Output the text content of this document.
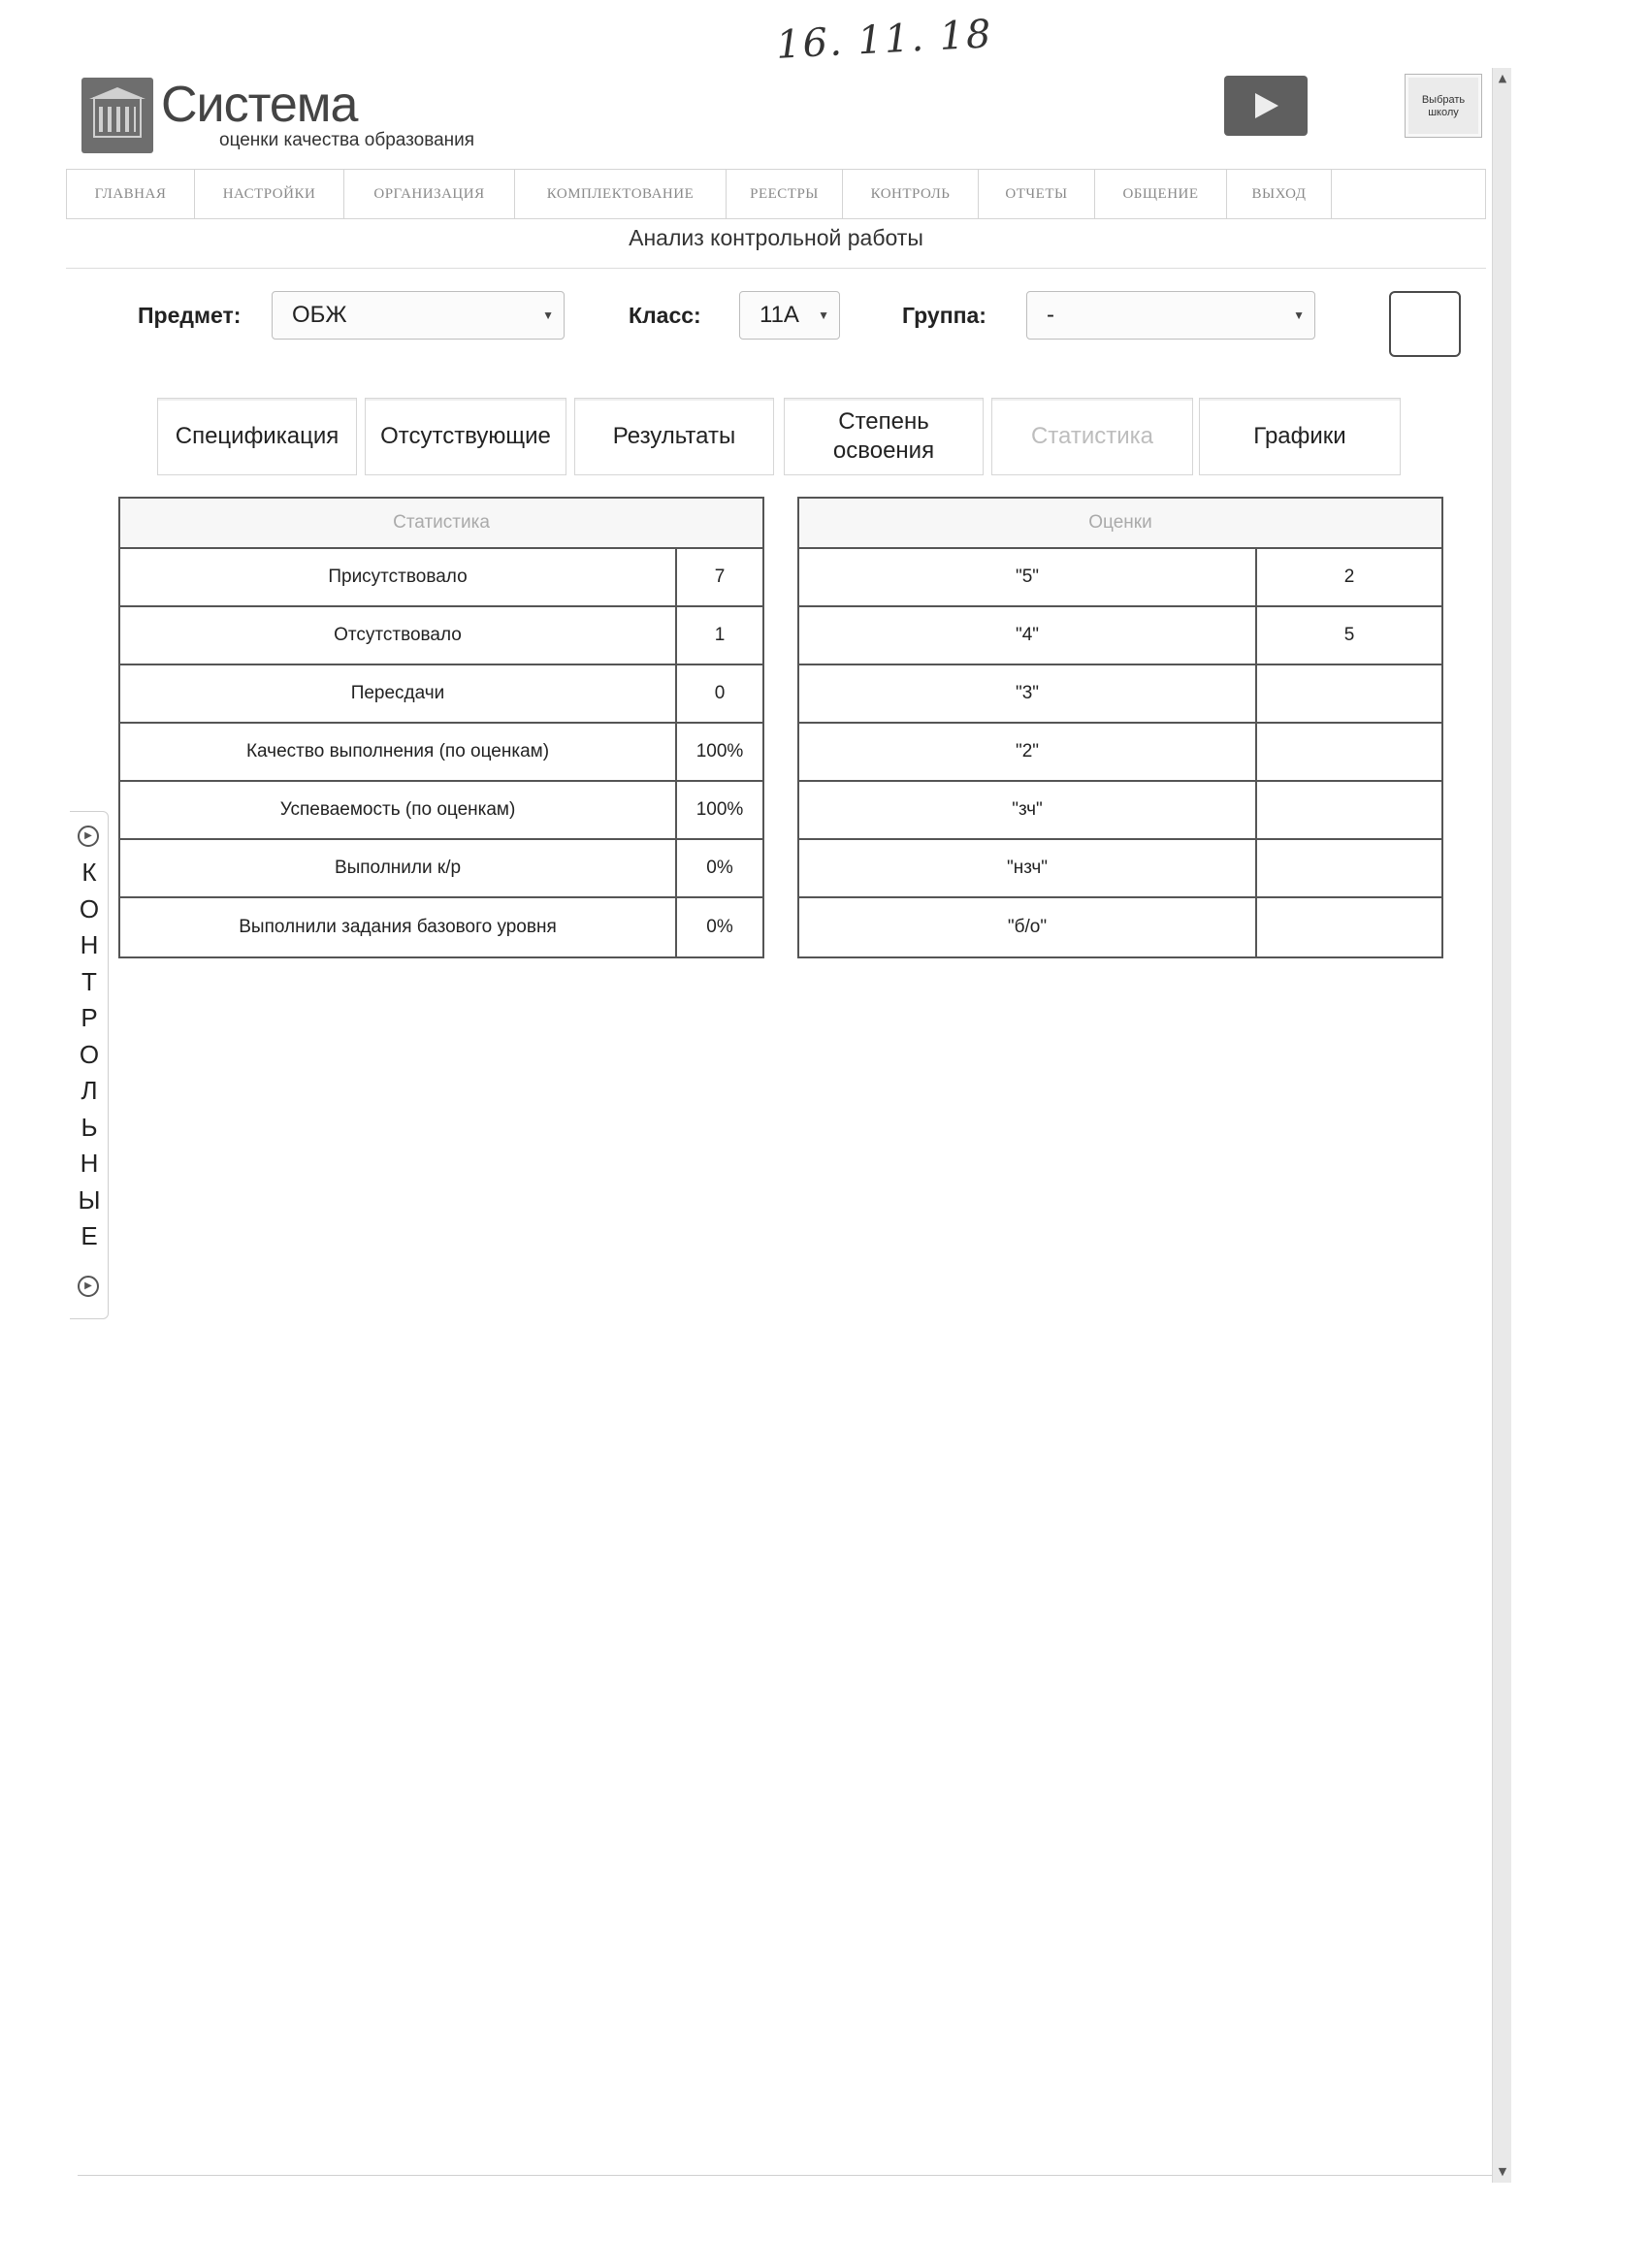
16. 11. 18
▲
▼
Система
оценки качества образования
Выбрать школу
ГЛАВНАЯ	НАСТРОЙКИ	ОРГАНИЗАЦИЯ	КОМПЛЕКТОВАНИЕ	РЕЕСТРЫ	КОНТРОЛЬ	ОТЧЕТЫ	ОБЩЕНИЕ	ВЫХОД
Анализ контрольной работы
Предмет:	ОБЖ	▼	Класс:	11А ▼	Группа:	-	▼
Спецификация	Отсутствующие	Результаты
Степень освоения
Статистика	Графики
Статистика
Присутствовало	7
Отсутствовало	1
Пересдачи	0
Качество выполнения (по оценкам)	100%
Успеваемость (по оценкам)	100%
Выполнили к/р	0%
Выполнили задания базового уровня	0%
Оценки
"5"	2
"4"	5
"3"
"2"
"зч"
"нзч"
"б/о"
▶
К
О
Н
Т
Р
О
Л
Ь
Н
Ы
Е
▶
